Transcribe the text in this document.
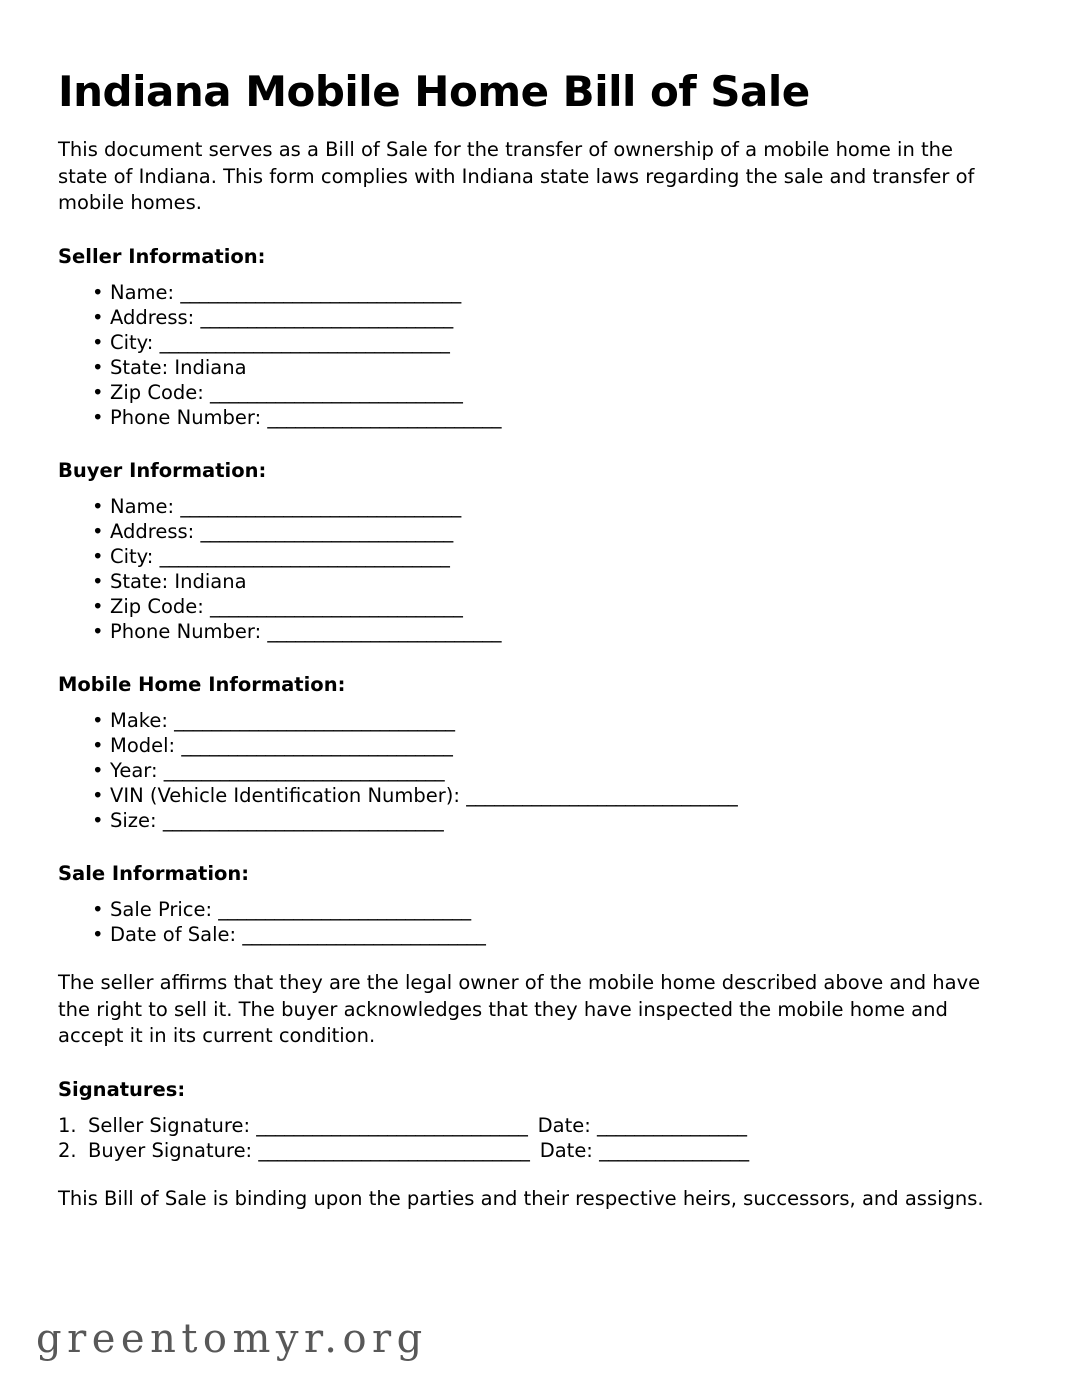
Indiana Mobile Home Bill of Sale

This document serves as a Bill of Sale for the transfer of ownership of a mobile home in the state of Indiana. This form complies with Indiana state laws regarding the sale and transfer of mobile homes.

Seller Information:
• Name: ______________________________
• Address: ___________________________
• City: _______________________________
• State: Indiana
• Zip Code: ___________________________
• Phone Number: _________________________
Buyer Information:
• Name: ______________________________
• Address: ___________________________
• City: _______________________________
• State: Indiana
• Zip Code: ___________________________
• Phone Number: _________________________
Mobile Home Information:
• Make: ______________________________
• Model: _____________________________
• Year: ______________________________
• VIN (Vehicle Identification Number): _____________________________
• Size: ______________________________
Sale Information:
• Sale Price: ___________________________
• Date of Sale: __________________________

The seller affirms that they are the legal owner of the mobile home described above and have the right to sell it. The buyer acknowledges that they have inspected the mobile home and accept it in its current condition.

Signatures:
Seller Signature: _____________________________ Date: ________________
Buyer Signature: _____________________________ Date: ________________

This Bill of Sale is binding upon the parties and their respective heirs, successors, and assigns.

greentomyr.org
